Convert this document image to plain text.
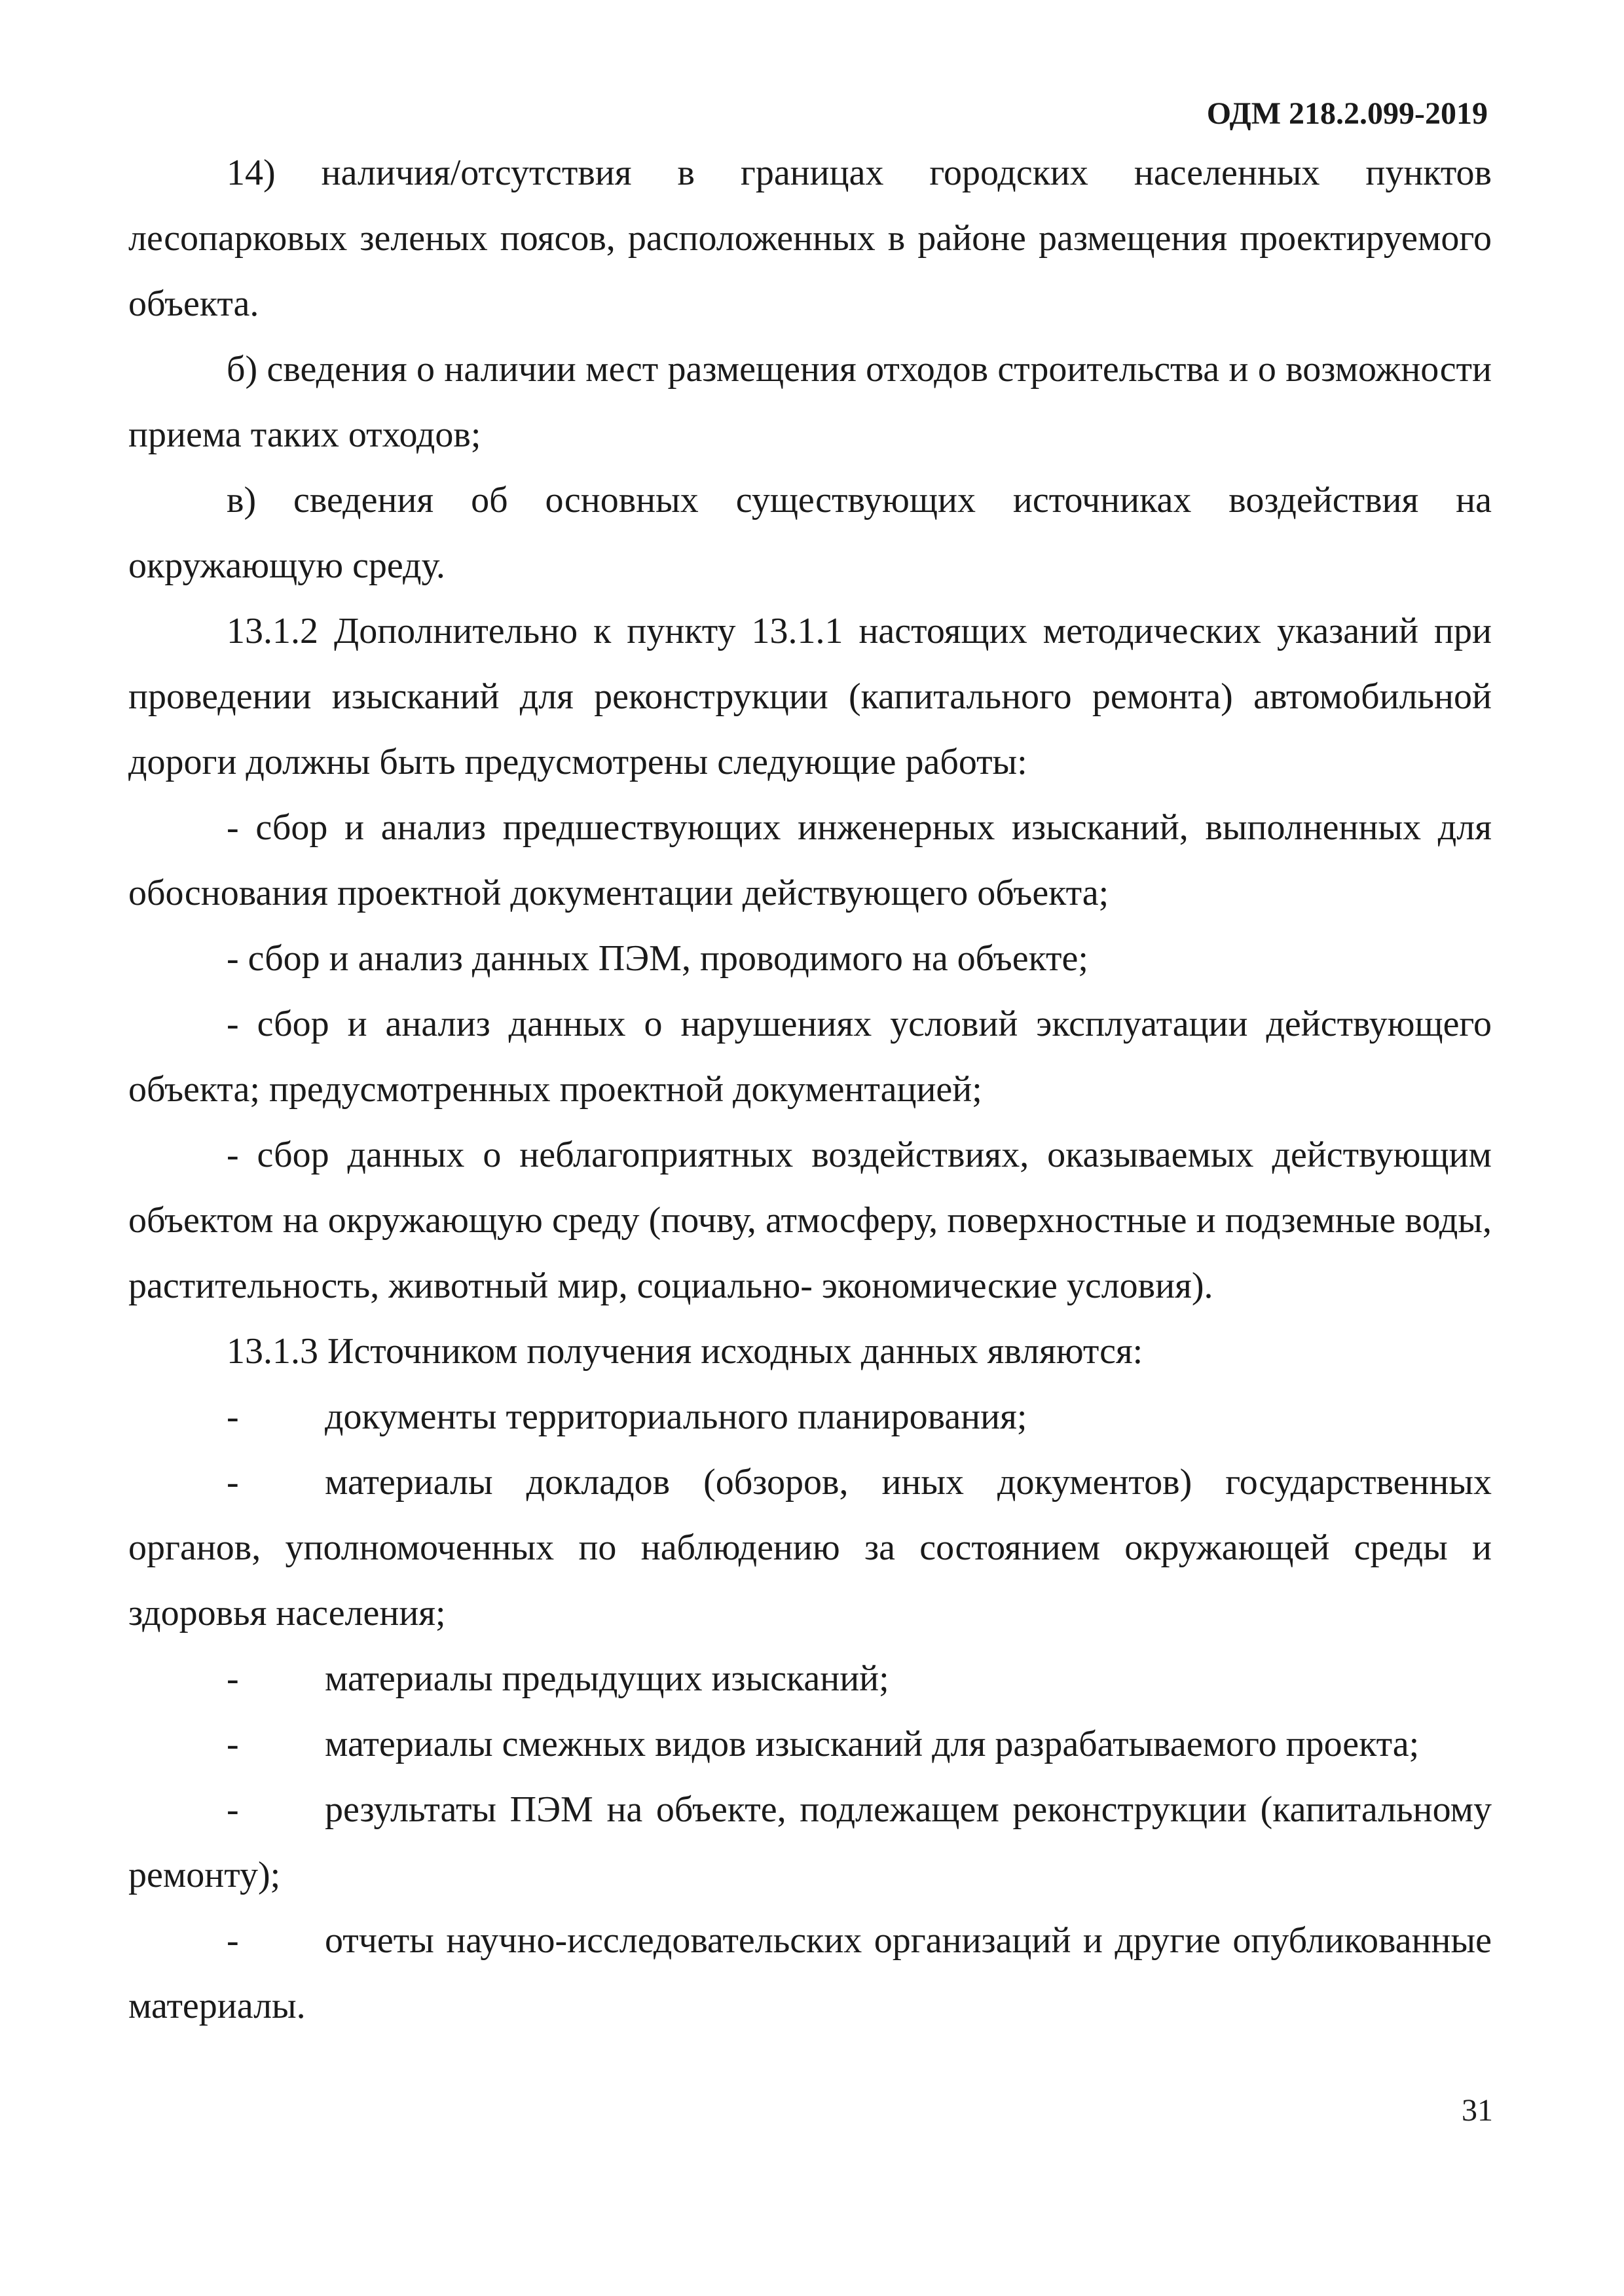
ОДМ 218.2.099-2019

14) наличия/отсутствия в границах городских населенных пунктов лесопарковых зеленых поясов, расположенных в районе размещения проектируемого объекта.

б) сведения о наличии мест размещения отходов строительства и о возможности приема таких отходов;

в) сведения об основных существующих источниках воздействия на окружающую среду.

13.1.2 Дополнительно к пункту 13.1.1 настоящих методических указаний при проведении изысканий для реконструкции (капитального ремонта) автомобильной дороги должны быть предусмотрены следующие работы:

- сбор и анализ предшествующих инженерных изысканий, выполненных для обоснования проектной документации действующего объекта;

- сбор и анализ данных ПЭМ, проводимого на объекте;

- сбор и анализ данных о нарушениях условий эксплуатации действующего объекта; предусмотренных проектной документацией;

- сбор данных о неблагоприятных воздействиях, оказываемых действующим объектом на окружающую среду (почву, атмосферу, поверхностные и подземные воды, растительность, животный мир, социально- экономические условия).

13.1.3 Источником получения исходных данных являются:

- документы территориального планирования;

- материалы докладов (обзоров, иных документов) государственных органов, уполномоченных по наблюдению за состоянием окружающей среды и здоровья населения;

- материалы предыдущих изысканий;

- материалы смежных видов изысканий для разрабатываемого проекта;

- результаты ПЭМ на объекте, подлежащем реконструкции (капитальному ремонту);

- отчеты научно-исследовательских организаций и другие опубликованные материалы.

31
